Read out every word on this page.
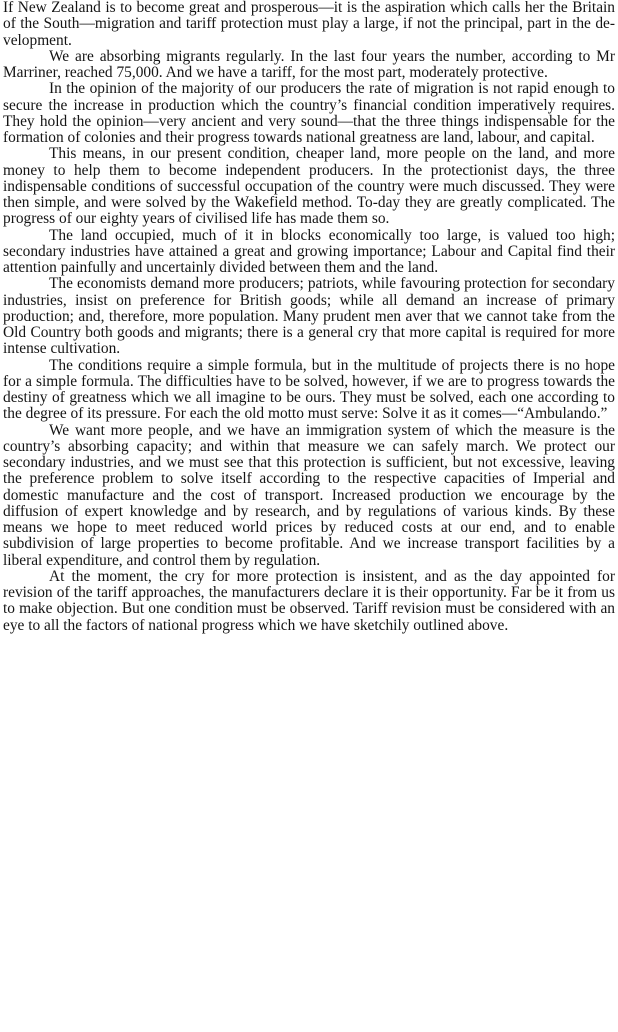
If New Zealand is to become great and prosperous—it is the aspiration which calls her the Britain of the South—migration and tariff protection must play a large, if not the principal, part in the development.

We are absorbing migrants regularly. In the last four years the number, according to Mr Marriner, reached 75,000. And we have a tariff, for the most part, moderately protective.

In the opinion of the majority of our producers the rate of migration is not rapid enough to secure the increase in production which the country’s financial condition imperatively requires. They hold the opinion—very ancient and very sound—that the three things indispensable for the formation of colonies and their progress towards national greatness are land, labour, and capital.

This means, in our present condition, cheaper land, more people on the land, and more money to help them to become independent producers. In the protectionist days, the three indispensable conditions of successful occupation of the country were much discussed. They were then simple, and were solved by the Wakefield method. To-day they are greatly complicated. The progress of our eighty years of civilised life has made them so.

The land occupied, much of it in blocks economically too large, is valued too high; secondary industries have attained a great and growing importance; Labour and Capital find their attention painfully and uncertainly divided between them and the land.

The economists demand more producers; patriots, while favouring protection for secondary industries, insist on preference for British goods; while all demand an increase of primary production; and, therefore, more population. Many prudent men aver that we cannot take from the Old Country both goods and migrants; there is a general cry that more capital is required for more intense cultivation.

The conditions require a simple formula, but in the multitude of projects there is no hope for a simple formula. The difficulties have to be solved, however, if we are to progress towards the destiny of greatness which we all imagine to be ours. They must be solved, each one according to the degree of its pressure. For each the old motto must serve: Solve it as it comes—“Ambulando.”

We want more people, and we have an immigration system of which the measure is the country’s absorbing capacity; and within that measure we can safely march. We protect our secondary industries, and we must see that this protection is sufficient, but not excessive, leaving the preference problem to solve itself according to the respective capacities of Imperial and domestic manufacture and the cost of transport. Increased production we encourage by the diffusion of expert knowledge and by research, and by regulations of various kinds. By these means we hope to meet reduced world prices by reduced costs at our end, and to enable subdivision of large properties to become profitable. And we increase transport facilities by a liberal expenditure, and control them by regulation.

At the moment, the cry for more protection is insistent, and as the day appointed for revision of the tariff approaches, the manufacturers declare it is their opportunity. Far be it from us to make objection. But one condition must be observed. Tariff revision must be considered with an eye to all the factors of national progress which we have sketchily outlined above.
